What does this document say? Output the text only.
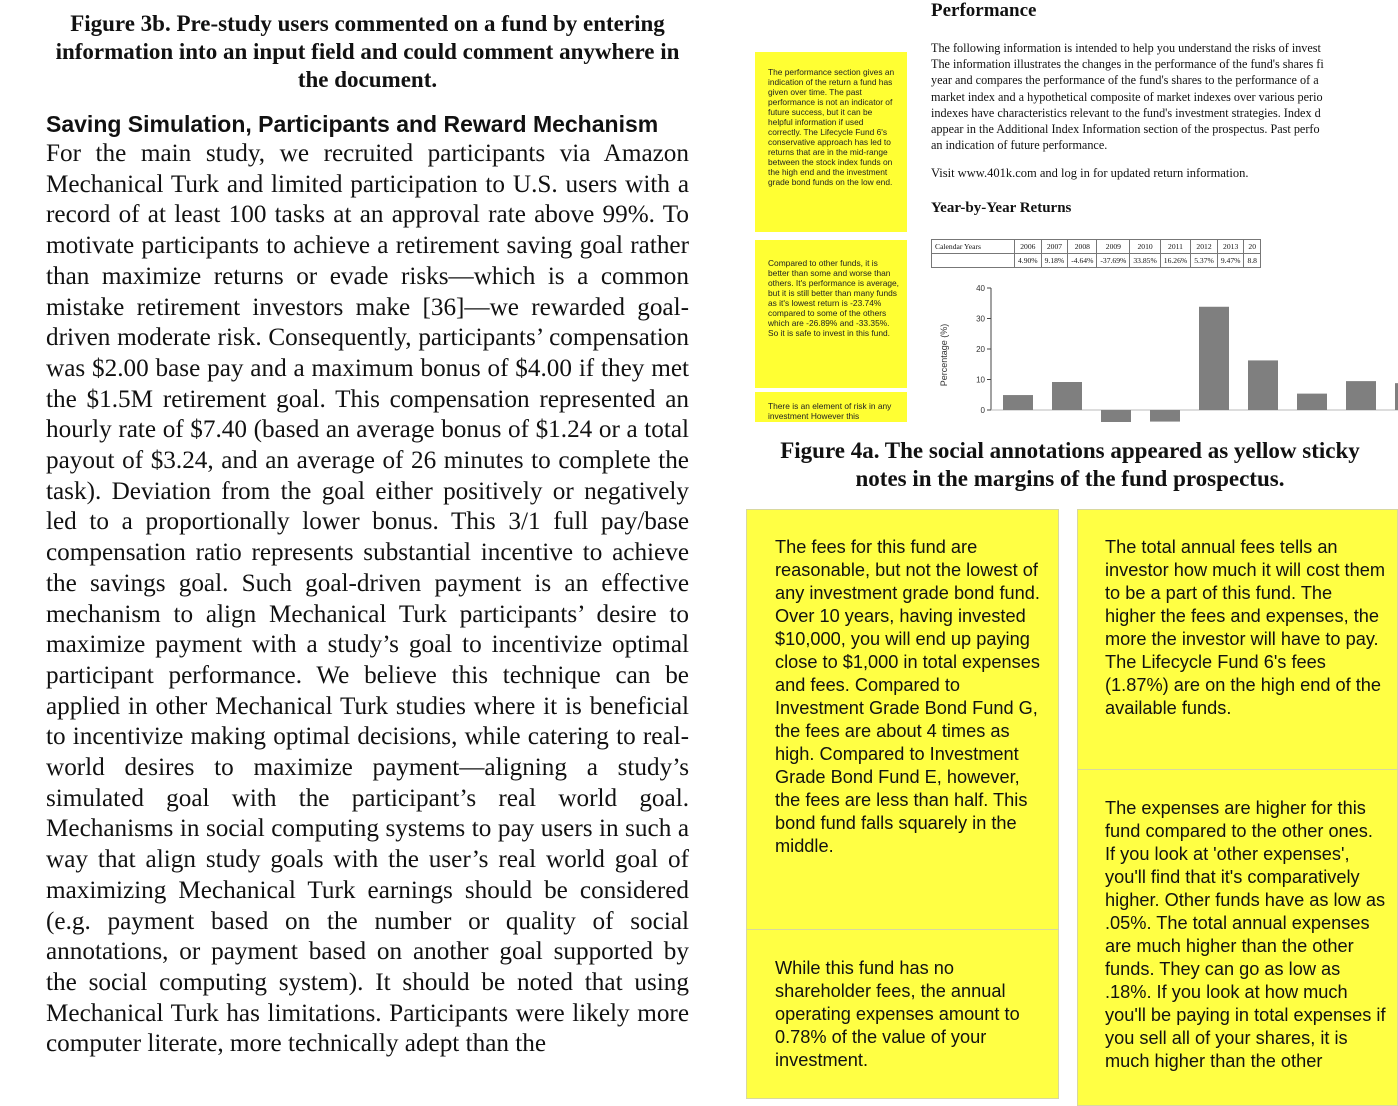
Figure 3b. Pre-study users commented on a fund by entering information into an input field and could comment anywhere in the document.

Saving Simulation, Participants and Reward Mechanism

For the main study, we recruited participants via Amazon Mechanical Turk and limited participation to U.S. users with a record of at least 100 tasks at an approval rate above 99%. To motivate participants to achieve a retirement saving goal rather than maximize returns or evade risks—which is a common mistake retirement investors make [36]—we rewarded goal-driven moderate risk. Consequently, participants’ compensation was $2.00 base pay and a maximum bonus of $4.00 if they met the $1.5M retirement goal. This compensation represented an hourly rate of $7.40 (based an average bonus of $1.24 or a total payout of $3.24, and an average of 26 minutes to complete the task). Deviation from the goal either positively or negatively led to a proportionally lower bonus. This 3/1 full pay/base compensation ratio represents substantial incentive to achieve the savings goal. Such goal-driven payment is an effective mechanism to align Mechanical Turk participants’ desire to maximize payment with a study’s goal to incentivize optimal participant performance. We believe this technique can be applied in other Mechanical Turk studies where it is beneficial to incentivize making optimal decisions, while catering to real-world desires to maximize payment—aligning a study’s simulated goal with the participant’s real world goal. Mechanisms in social computing systems to pay users in such a way that align study goals with the user’s real world goal of maximizing Mechanical Turk earnings should be considered (e.g. payment based on the number or quality of social annotations, or payment based on another goal supported by the social computing system). It should be noted that using Mechanical Turk has limitations. Participants were likely more computer literate, more technically adept than the

Performance

The following information is intended to help you understand the risks of invest
The information illustrates the changes in the performance of the fund's shares fi
year and compares the performance of the fund's shares to the performance of a
market index and a hypothetical composite of market indexes over various perio
indexes have characteristics relevant to the fund's investment strategies. Index d
appear in the Additional Index Information section of the prospectus. Past perfo
an indication of future performance.

Visit www.401k.com and log in for updated return information.

Year-by-Year Returns

The performance section gives an indication of the return a fund has given over time. The past performance is not an indicator of future success, but it can be helpful information if used correctly. The Lifecycle Fund 6's conservative approach has led to returns that are in the mid-range between the stock index funds on the high end and the investment grade bond funds on the low end.
Compared to other funds, it is better than some and worse than others. It's performance is average, but it is still better than many funds as it's lowest return is -23.74% compared to some of the others which are -26.89% and -33.35%. So it is safe to invest in this fund.
There is an element of risk in any investment However this
Calendar Years	2006	2007	2008	2009	2010	2011	2012	2013	20
	4.90%	9.18%	-4.64%	-37.69%	33.85%	16.26%	5.37%	9.47%	8.8
Percentage (%)
0
10
20
30
40

Figure 4a. The social annotations appeared as yellow sticky notes in the margins of the fund prospectus.

The fees for this fund are reasonable, but not the lowest of any investment grade bond fund. Over 10 years, having invested $10,000, you will end up paying close to $1,000 in total expenses and fees. Compared to Investment Grade Bond Fund G, the fees are about 4 times as high. Compared to Investment Grade Bond Fund E, however, the fees are less than half. This bond fund falls squarely in the middle.
While this fund has no shareholder fees, the annual operating expenses amount to 0.78% of the value of your investment.
The total annual fees tells an investor how much it will cost them to be a part of this fund. The higher the fees and expenses, the more the investor will have to pay. The Lifecycle Fund 6's fees (1.87%) are on the high end of the available funds.
The expenses are higher for this fund compared to the other ones. If you look at 'other expenses', you'll find that it's comparatively higher. Other funds have as low as .05%. The total annual expenses are much higher than the other funds. They can go as low as .18%. If you look at how much you'll be paying in total expenses if you sell all of your shares, it is much higher than the other
